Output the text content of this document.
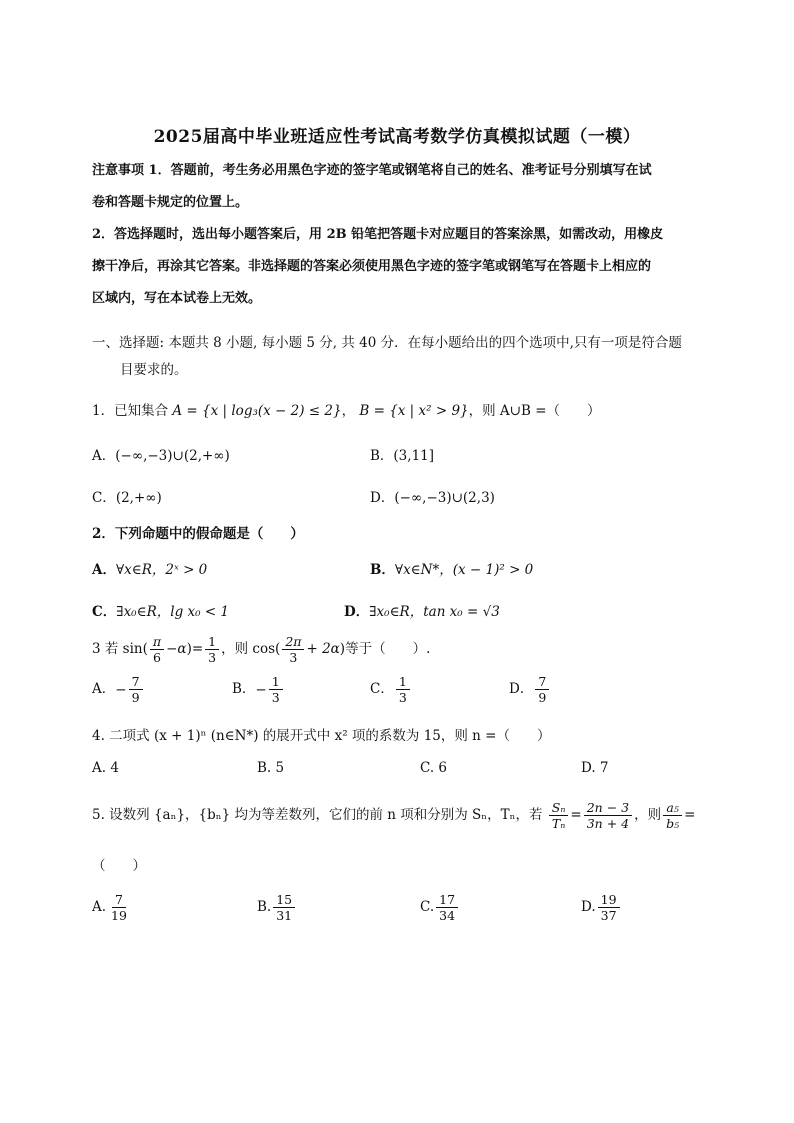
2025届高中毕业班适应性考试高考数学仿真模拟试题（一模）

注意事项 1．答题前，考生务必用黑色字迹的签字笔或钢笔将自己的姓名、准考证号分别填写在试

卷和答题卡规定的位置上。

2．答选择题时，选出每小题答案后，用 2B 铅笔把答题卡对应题目的答案涂黑，如需改动，用橡皮

擦干净后，再涂其它答案。非选择题的答案必须使用黑色字迹的签字笔或钢笔写在答题卡上相应的

区域内，写在本试卷上无效。

一、选择题: 本题共 8 小题, 每小题 5 分, 共 40 分．在每小题给出的四个选项中,只有一项是符合题
目要求的。
1．已知集合 A = {x | log₃(x − 2) ≤ 2}， B = {x | x² > 9}，则 A∪B =（　　）
A．(−∞,−3)∪(2,+∞)	B．(3,11]
C．(2,+∞)	D．(−∞,−3)∪(2,3)
2．下列命题中的假命题是（　　）
A．∀x∈R，2ˣ > 0	B．∀x∈N*，(x − 1)² > 0
C．∃x₀∈R，lg x₀ < 1	D．∃x₀∈R，tan x₀ = √3
3 若 $\sin( \frac{\pi}{6} -\alpha)= \frac{1}{3}$ ，则 $\cos( \frac{2\pi}{3} + 2\alpha)$等于（　　）.
A．− $\frac{7}{9}$	B．− $\frac{1}{3}$	C． $\frac{1}{3}$	D． $\frac{7}{9}$
4. 二项式 (x + 1)ⁿ (n∈N*) 的展开式中 x² 项的系数为 15，则 n =（　　）
A. 4	B. 5	C. 6	D. 7
5. 设数列 {aₙ}，{bₙ} 均为等差数列，它们的前 n 项和分别为 Sₙ，Tₙ，若 $\frac{\text{Sₙ}}{\text{Tₙ}} = \frac{2n - 3}{3n + 4}$ ，则 $\frac{\text{a₅}}{\text{b₅}}$ =
（　　）
A. $\frac{7}{19}$	B. $\frac{15}{31}$	C. $\frac{17}{34}$	D. $\frac{19}{37}$
